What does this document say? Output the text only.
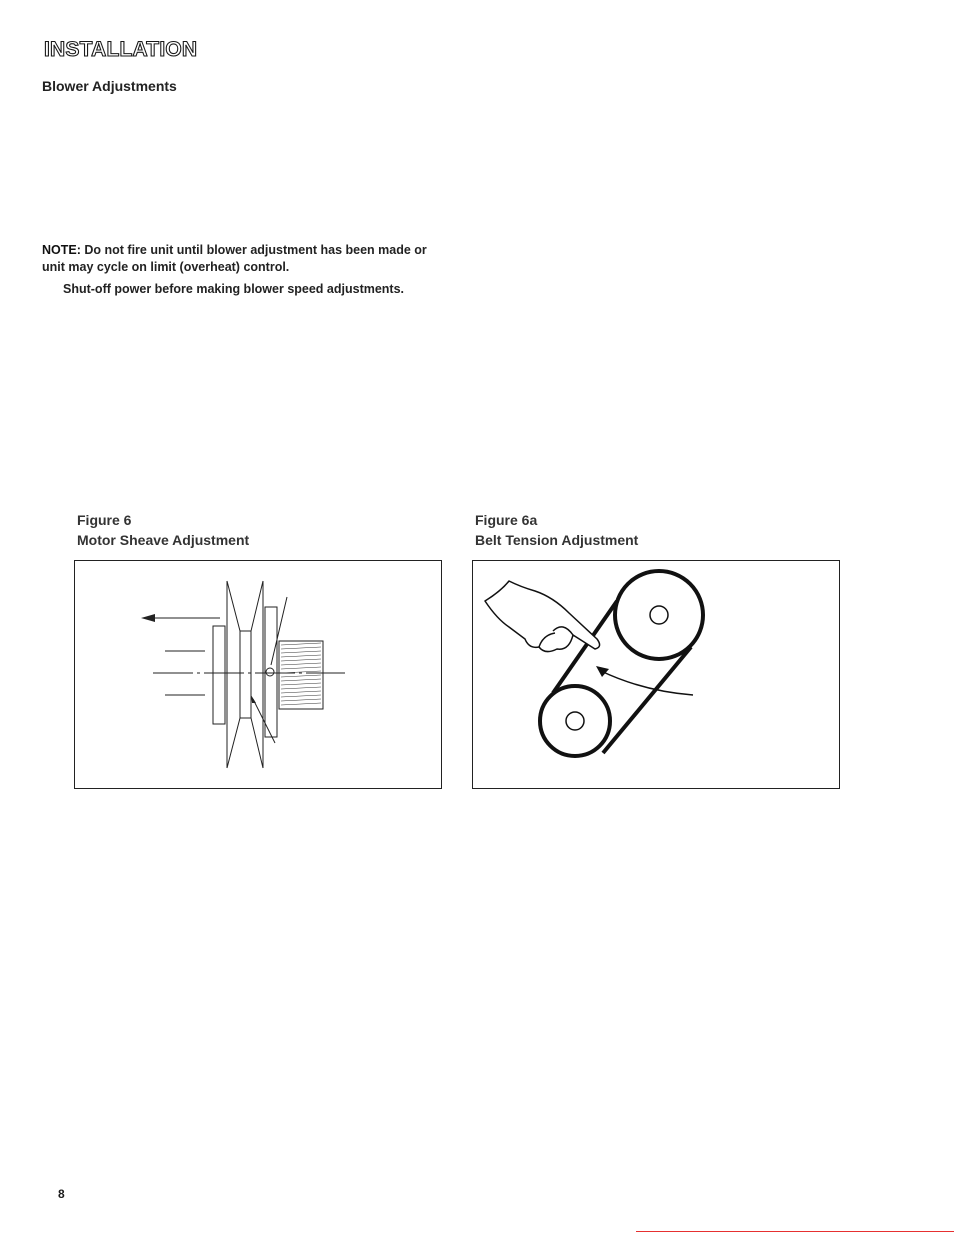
INSTALLATION
Blower Adjustments
NOTE: Do not fire unit until blower adjustment has been made or unit may cycle on limit (overheat) control.
Shut-off power before making blower speed adjustments.
Figure 6
Motor Sheave Adjustment
Figure 6a
Belt Tension Adjustment
8
